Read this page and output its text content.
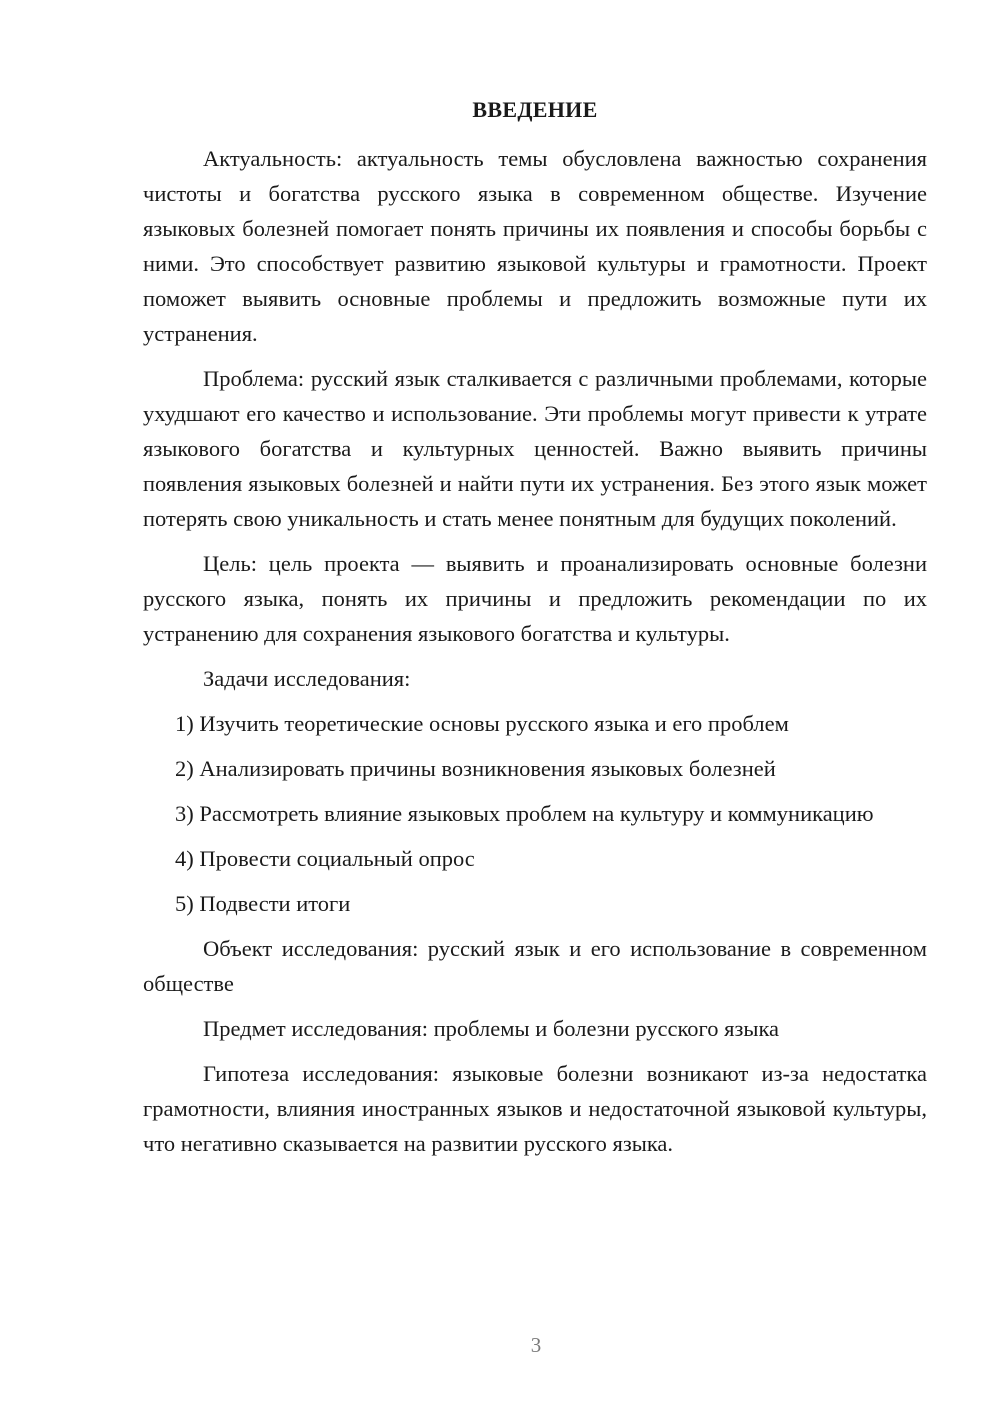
ВВЕДЕНИЕ

Актуальность: актуальность темы обусловлена важностью сохранения чистоты и богатства русского языка в современном обществе. Изучение языковых болезней помогает понять причины их появления и способы борьбы с ними. Это способствует развитию языковой культуры и грамотности. Проект поможет выявить основные проблемы и предложить возможные пути их устранения.

Проблема: русский язык сталкивается с различными проблемами, которые ухудшают его качество и использование. Эти проблемы могут привести к утрате языкового богатства и культурных ценностей. Важно выявить причины появления языковых болезней и найти пути их устранения. Без этого язык может потерять свою уникальность и стать менее понятным для будущих поколений.

Цель: цель проекта — выявить и проанализировать основные болезни русского языка, понять их причины и предложить рекомендации по их устранению для сохранения языкового богатства и культуры.

Задачи исследования:

1) Изучить теоретические основы русского языка и его проблем

2) Анализировать причины возникновения языковых болезней

3) Рассмотреть влияние языковых проблем на культуру и коммуникацию

4) Провести социальный опрос

5) Подвести итоги

Объект исследования: русский язык и его использование в современном обществе

Предмет исследования: проблемы и болезни русского языка

Гипотеза исследования: языковые болезни возникают из-за недостатка грамотности, влияния иностранных языков и недостаточной языковой культуры, что негативно сказывается на развитии русского языка.

3
